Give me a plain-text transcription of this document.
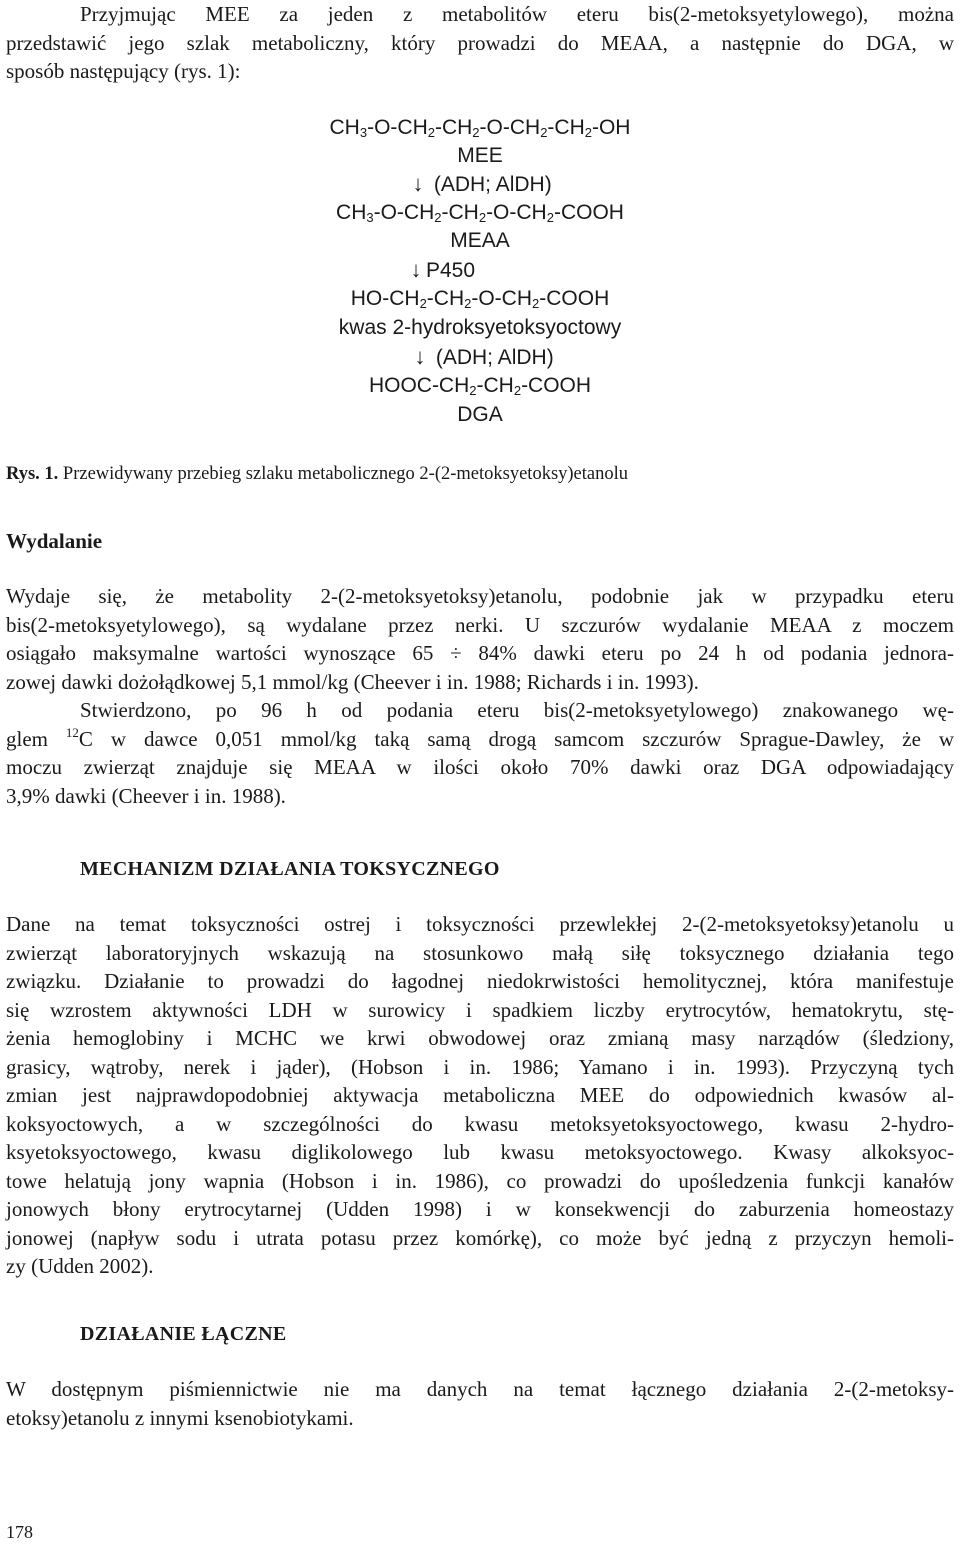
Przyjmując MEE za jeden z metabolitów eteru bis(2-metoksyetylowego), można

przedstawić jego szlak metaboliczny, który prowadzi do MEAA, a następnie do DGA, w

sposób następujący (rys. 1):

$CH_3-O-CH_2-CH_2-O-CH_2-CH_2-OH$
MEE
↓ (ADH; AlDH)
$CH_3-O-CH_2-CH_2-O-CH_2$-COOH
MEAA
↓ P450
$HO-CH_2-CH_2-O-CH_2$-COOH
kwas 2-hydroksyetoksyoctowy
↓ (ADH; AlDH)
HOOC-$CH_2-CH_2$-COOH
DGA
Rys. 1. Przewidywany przebieg szlaku metabolicznego 2-(2-metoksyetoksy)etanolu
Wydalanie

Wydaje się, że metabolity 2-(2-metoksyetoksy)etanolu, podobnie jak w przypadku eteru

bis(2-metoksyetylowego), są wydalane przez nerki. U szczurów wydalanie MEAA z moczem

osiągało maksymalne wartości wynoszące 65 ÷ 84% dawki eteru po 24 h od podania jednora-

zowej dawki dożołądkowej 5,1 mmol/kg (Cheever i in. 1988; Richards i in. 1993).

Stwierdzono, po 96 h od podania eteru bis(2-metoksyetylowego) znakowanego wę-

glem $^{12}$C w dawce 0,051 mmol/kg taką samą drogą samcom szczurów Sprague-Dawley, że w

moczu zwierząt znajduje się MEAA w ilości około 70% dawki oraz DGA odpowiadający

3,9% dawki (Cheever i in. 1988).

MECHANIZM DZIAŁANIA TOKSYCZNEGO

Dane na temat toksyczności ostrej i toksyczności przewlekłej 2-(2-metoksyetoksy)etanolu u

zwierząt laboratoryjnych wskazują na stosunkowo małą siłę toksycznego działania tego

związku. Działanie to prowadzi do łagodnej niedokrwistości hemolitycznej, która manifestuje

się wzrostem aktywności LDH w surowicy i spadkiem liczby erytrocytów, hematokrytu, stę-

żenia hemoglobiny i MCHC we krwi obwodowej oraz zmianą masy narządów (śledziony,

grasicy, wątroby, nerek i jąder), (Hobson i in. 1986; Yamano i in. 1993). Przyczyną tych

zmian jest najprawdopodobniej aktywacja metaboliczna MEE do odpowiednich kwasów al-

koksyoctowych, a w szczególności do kwasu metoksyetoksyoctowego, kwasu 2-hydro-

ksyetoksyoctowego, kwasu diglikolowego lub kwasu metoksyoctowego. Kwasy alkoksyoc-

towe helatują jony wapnia (Hobson i in. 1986), co prowadzi do upośledzenia funkcji kanałów

jonowych błony erytrocytarnej (Udden 1998) i w konsekwencji do zaburzenia homeostazy

jonowej (napływ sodu i utrata potasu przez komórkę), co może być jedną z przyczyn hemoli-

zy (Udden 2002).

DZIAŁANIE ŁĄCZNE

W dostępnym piśmiennictwie nie ma danych na temat łącznego działania 2-(2-metoksy-

etoksy)etanolu z innymi ksenobiotykami.

178
